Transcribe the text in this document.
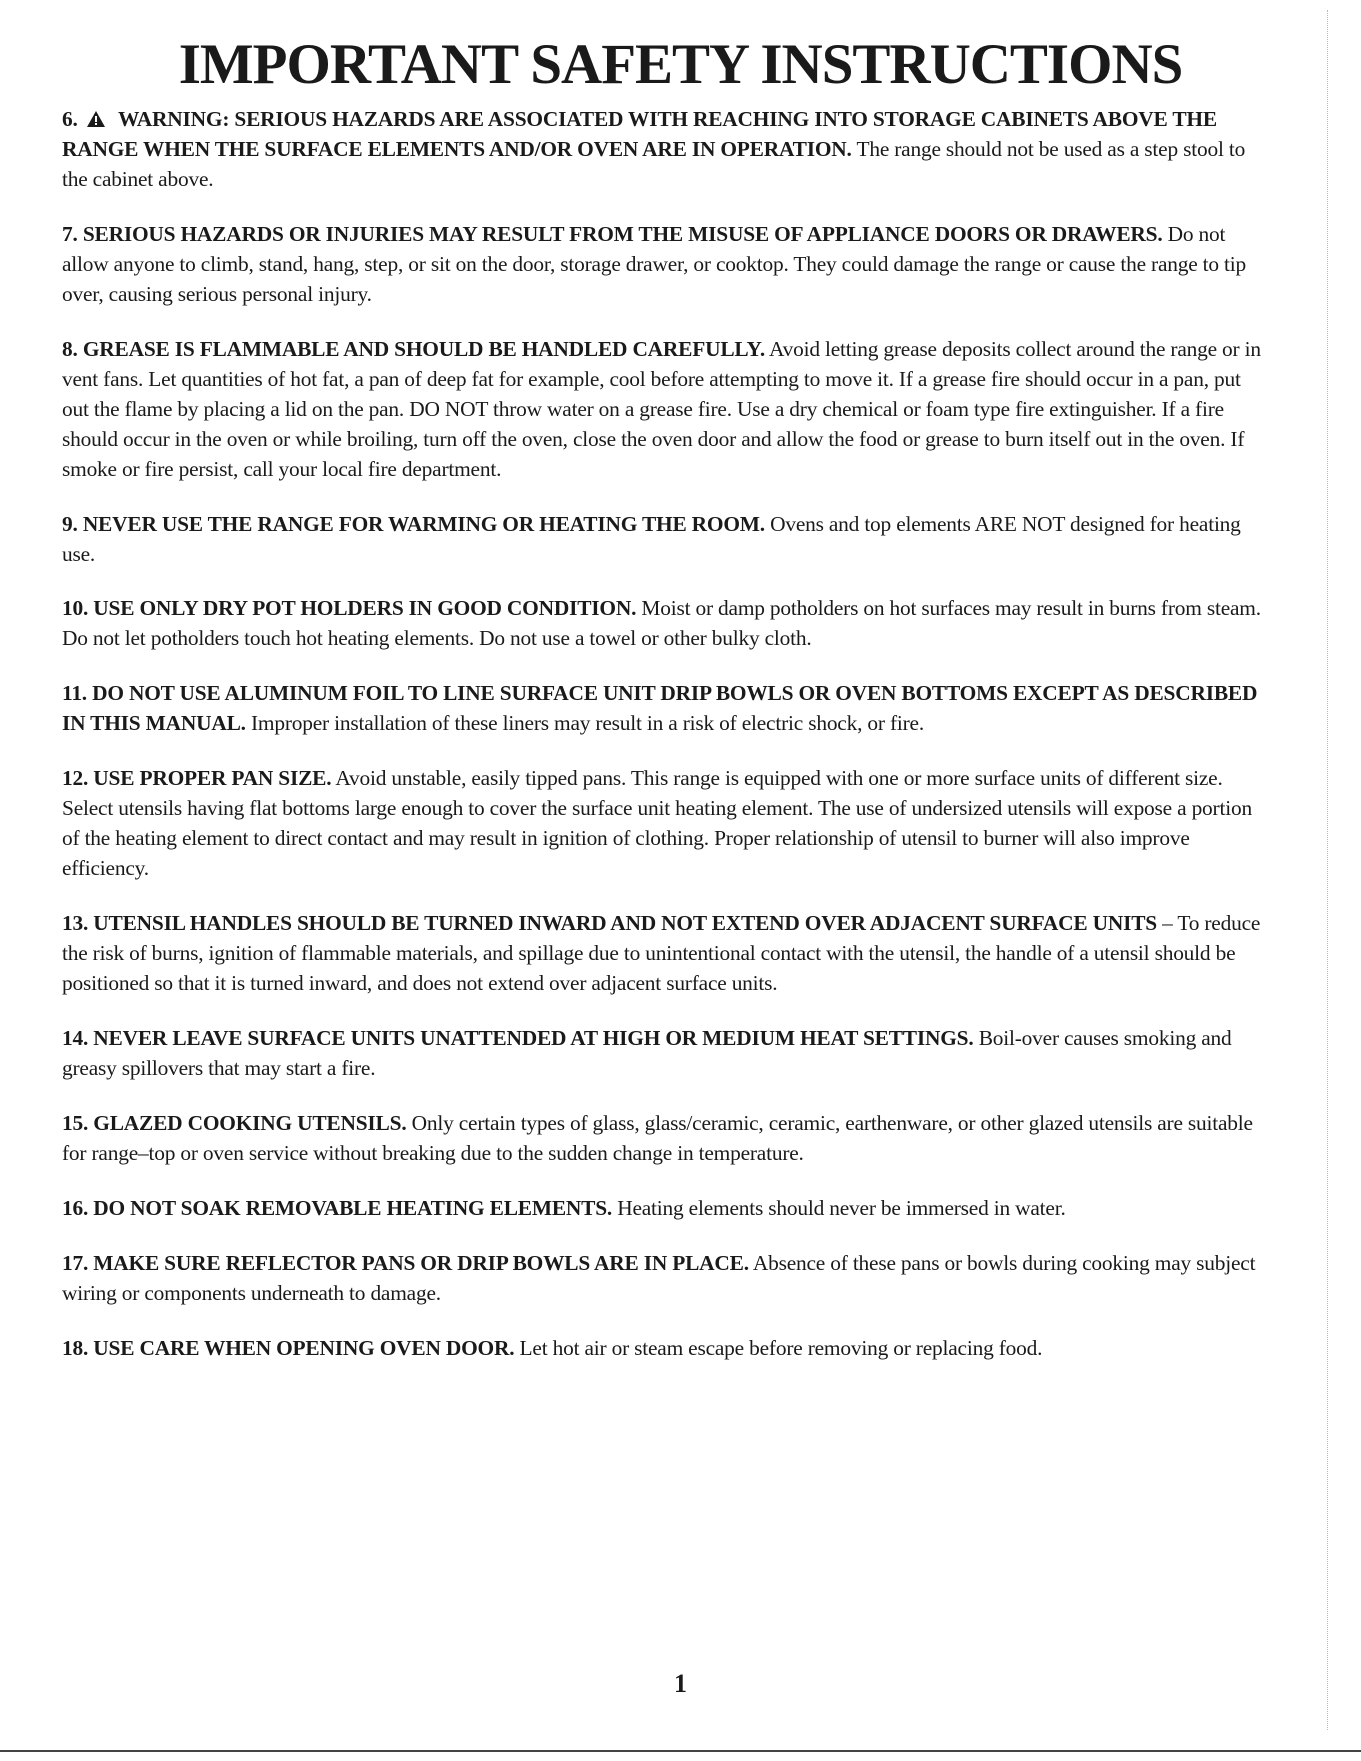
IMPORTANT SAFETY INSTRUCTIONS

6. WARNING: SERIOUS HAZARDS ARE ASSOCIATED WITH REACHING INTO STORAGE CABINETS ABOVE THE RANGE WHEN THE SURFACE ELEMENTS AND/OR OVEN ARE IN OPERATION. The range should not be used as a step stool to the cabinet above.

7. SERIOUS HAZARDS OR INJURIES MAY RESULT FROM THE MISUSE OF APPLIANCE DOORS OR DRAWERS. Do not allow anyone to climb, stand, hang, step, or sit on the door, storage drawer, or cooktop. They could damage the range or cause the range to tip over, causing serious personal injury.

8. GREASE IS FLAMMABLE AND SHOULD BE HANDLED CAREFULLY. Avoid letting grease deposits collect around the range or in vent fans. Let quantities of hot fat, a pan of deep fat for example, cool before attempting to move it. If a grease fire should occur in a pan, put out the flame by placing a lid on the pan. DO NOT throw water on a grease fire. Use a dry chemical or foam type fire extinguisher. If a fire should occur in the oven or while broiling, turn off the oven, close the oven door and allow the food or grease to burn itself out in the oven. If smoke or fire persist, call your local fire department.

9. NEVER USE THE RANGE FOR WARMING OR HEATING THE ROOM. Ovens and top elements ARE NOT designed for heating use.

10. USE ONLY DRY POT HOLDERS IN GOOD CONDITION. Moist or damp potholders on hot surfaces may result in burns from steam. Do not let potholders touch hot heating elements. Do not use a towel or other bulky cloth.

11. DO NOT USE ALUMINUM FOIL TO LINE SURFACE UNIT DRIP BOWLS OR OVEN BOTTOMS EXCEPT AS DESCRIBED IN THIS MANUAL. Improper installation of these liners may result in a risk of electric shock, or fire.

12. USE PROPER PAN SIZE. Avoid unstable, easily tipped pans. This range is equipped with one or more surface units of different size. Select utensils having flat bottoms large enough to cover the surface unit heating element. The use of undersized utensils will expose a portion of the heating element to direct contact and may result in ignition of clothing. Proper relationship of utensil to burner will also improve efficiency.

13. UTENSIL HANDLES SHOULD BE TURNED INWARD AND NOT EXTEND OVER ADJACENT SURFACE UNITS – To reduce the risk of burns, ignition of flammable materials, and spillage due to unintentional contact with the utensil, the handle of a utensil should be positioned so that it is turned inward, and does not extend over adjacent surface units.

14. NEVER LEAVE SURFACE UNITS UNATTENDED AT HIGH OR MEDIUM HEAT SETTINGS. Boil-over causes smoking and greasy spillovers that may start a fire.

15. GLAZED COOKING UTENSILS. Only certain types of glass, glass/ceramic, ceramic, earthenware, or other glazed utensils are suitable for range–top or oven service without breaking due to the sudden change in temperature.

16. DO NOT SOAK REMOVABLE HEATING ELEMENTS. Heating elements should never be immersed in water.

17. MAKE SURE REFLECTOR PANS OR DRIP BOWLS ARE IN PLACE. Absence of these pans or bowls during cooking may subject wiring or components underneath to damage.

18. USE CARE WHEN OPENING OVEN DOOR. Let hot air or steam escape before removing or replacing food.

1
